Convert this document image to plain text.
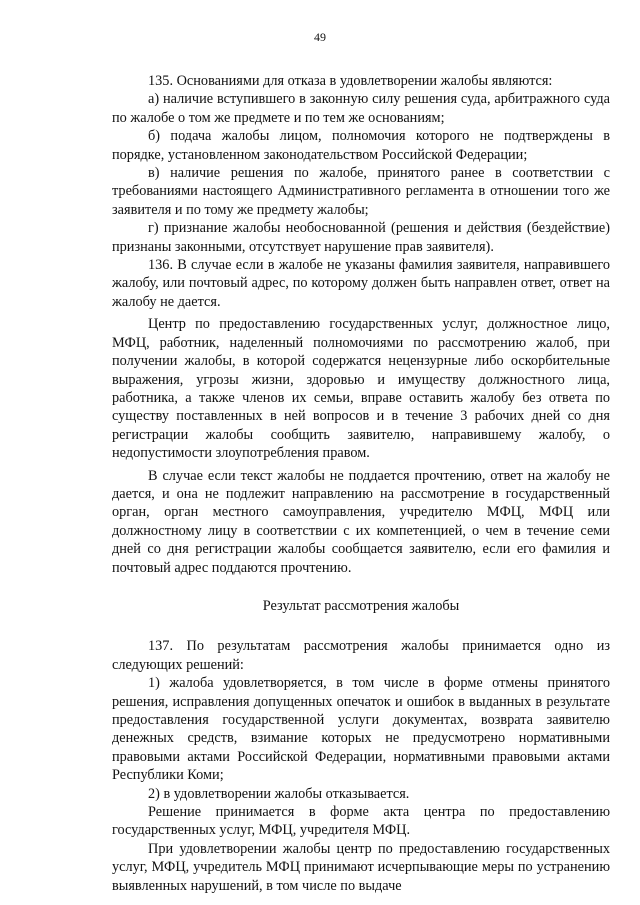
49

135. Основаниями для отказа в удовлетворении жалобы являются:

а) наличие вступившего в законную силу решения суда, арбитражного суда по жалобе о том же предмете и по тем же основаниям;

б) подача жалобы лицом, полномочия которого не подтверждены в порядке, установленном законодательством Российской Федерации;

в) наличие решения по жалобе, принятого ранее в соответствии с требованиями настоящего Административного регламента в отношении того же заявителя и по тому же предмету жалобы;

г) признание жалобы необоснованной (решения и действия (бездействие) признаны законными, отсутствует нарушение прав заявителя).

136. В случае если в жалобе не указаны фамилия заявителя, направившего жалобу, или почтовый адрес, по которому должен быть направлен ответ, ответ на жалобу не дается.

Центр по предоставлению государственных услуг, должностное лицо, МФЦ, работник, наделенный полномочиями по рассмотрению жалоб, при получении жалобы, в которой содержатся нецензурные либо оскорбительные выражения, угрозы жизни, здоровью и имуществу должностного лица, работника, а также членов их семьи, вправе оставить жалобу без ответа по существу поставленных в ней вопросов и в течение 3 рабочих дней со дня регистрации жалобы сообщить заявителю, направившему жалобу, о недопустимости злоупотребления правом.

В случае если текст жалобы не поддается прочтению, ответ на жалобу не дается, и она не подлежит направлению на рассмотрение в государственный орган, орган местного самоуправления, учредителю МФЦ, МФЦ или должностному лицу в соответствии с их компетенцией, о чем в течение семи дней со дня регистрации жалобы сообщается заявителю, если его фамилия и почтовый адрес поддаются прочтению.

Результат рассмотрения жалобы

137. По результатам рассмотрения жалобы принимается одно из следующих решений:

1) жалоба удовлетворяется, в том числе в форме отмены принятого решения, исправления допущенных опечаток и ошибок в выданных в результате предоставления государственной услуги документах, возврата заявителю денежных средств, взимание которых не предусмотрено нормативными правовыми актами Российской Федерации, нормативными правовыми актами Республики Коми;

2) в удовлетворении жалобы отказывается.

Решение принимается в форме акта центра по предоставлению государственных услуг, МФЦ, учредителя МФЦ.

При удовлетворении жалобы центр по предоставлению государственных услуг, МФЦ, учредитель МФЦ принимают исчерпывающие меры по устранению выявленных нарушений, в том числе по выдаче
